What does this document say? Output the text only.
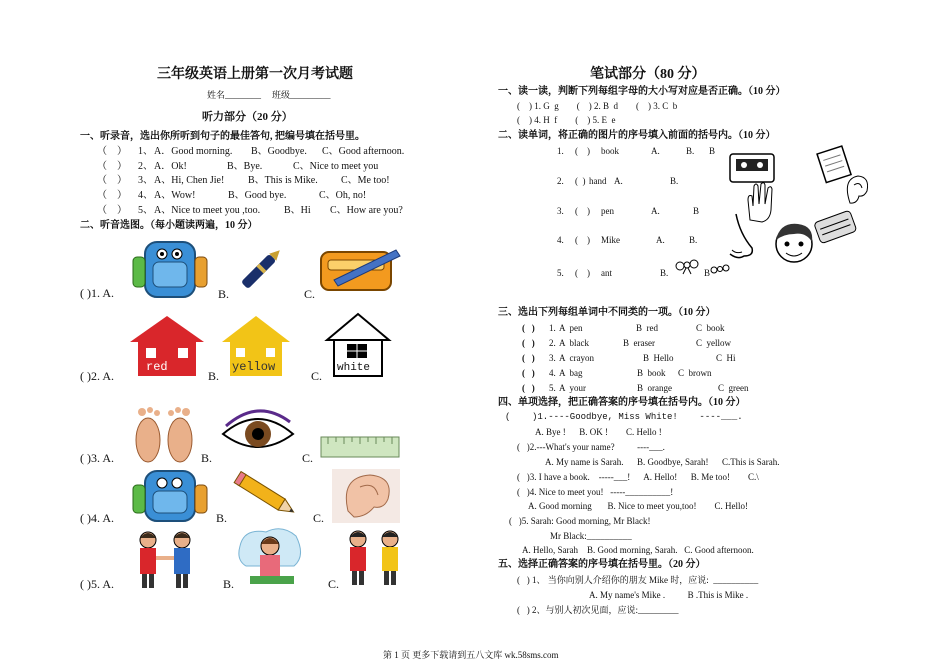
三年级英语上册第一次月考试题
姓名________ 班级_________
听力部分（20 分）
一、听录音，选出你所听到句子的最佳答句, 把编号填在括号里。
（　） 1、 A．Good morning. B、Goodbye. C、Good afternoon.
（　） 2、 A．Ok!	B、Bye.	C、Nice to meet you
（　） 3、 A、Hi, Chen Jie! B、This is Mike. C、Me too!
（　） 4、 A、Wow!	B、Good bye.	C、Oh, no!
（　） 5、 A、Nice to meet you ,too. B、Hi C、How are you?
二、听音选图。（每小题读两遍，10 分）
( )1. A.	B.	C.
( )2. A.	B.	C.
red	yellow	white
( )3. A.	B.	C.
( )4. A.	B.	C.
( )5. A.	B.	C.
笔试部分（80 分）
一、读一读，判断下列每组字母的大小写对应是否正确。（10 分）
(    ) 1. G  g        (    ) 2. B  d        (    ) 3. C  b
(    ) 4. H  f        (    ) 5. E  e
二、读单词，将正确的图片的序号填入前面的括号内。（10 分）
1. (    ) book	A.	B. B
2. (  ) hand A.	B.
3. (    ) pen	A.	B
4. (    ) Mike	A.	B.
5. (    ) ant	B.	B
三、选出下列每组单词中不同类的一项。（10 分）
(   ) 1. A  pen	B  red	C  book
(   ) 2. A  black	B  eraser	C  yellow
(   ) 3. A  crayon	B  Hello	C  Hi
(   ) 4. A  bag	B  book C  brown
(   ) 5. A  your	B  orange	C  green
四、单项选择，把正确答案的序号填在括号内。（10 分）
(    )1.----Goodbye, Miss White!    ----___.
A. Bye !      B. OK !        C. Hello !
(   )2.---What's your name?          ----___.
A. My name is Sarah.      B. Goodbye, Sarah!      C.This is Sarah.
(   )3. I have a book.    -----___!      A. Hello!      B. Me too!        C.\
(   )4. Nice to meet you!   -----__________!
A. Good morning       B. Nice to meet you,too!        C. Hello!
(   )5. Sarah: Good morning, Mr Black!
Mr Black:__________
A. Hello, Sarah    B. Good morning, Sarah.   C. Good afternoon.
五、选择正确答案的序号填在括号里。（20 分）
(   ) 1、 当你向别人介绍你的朋友 Mike 时，应说:  __________
A. My name's Mike .          B .This is Mike .
(   ) 2、与别人初次见面，应说:_________
第 1 页 更多下载请到五八文库 wk.58sms.com
